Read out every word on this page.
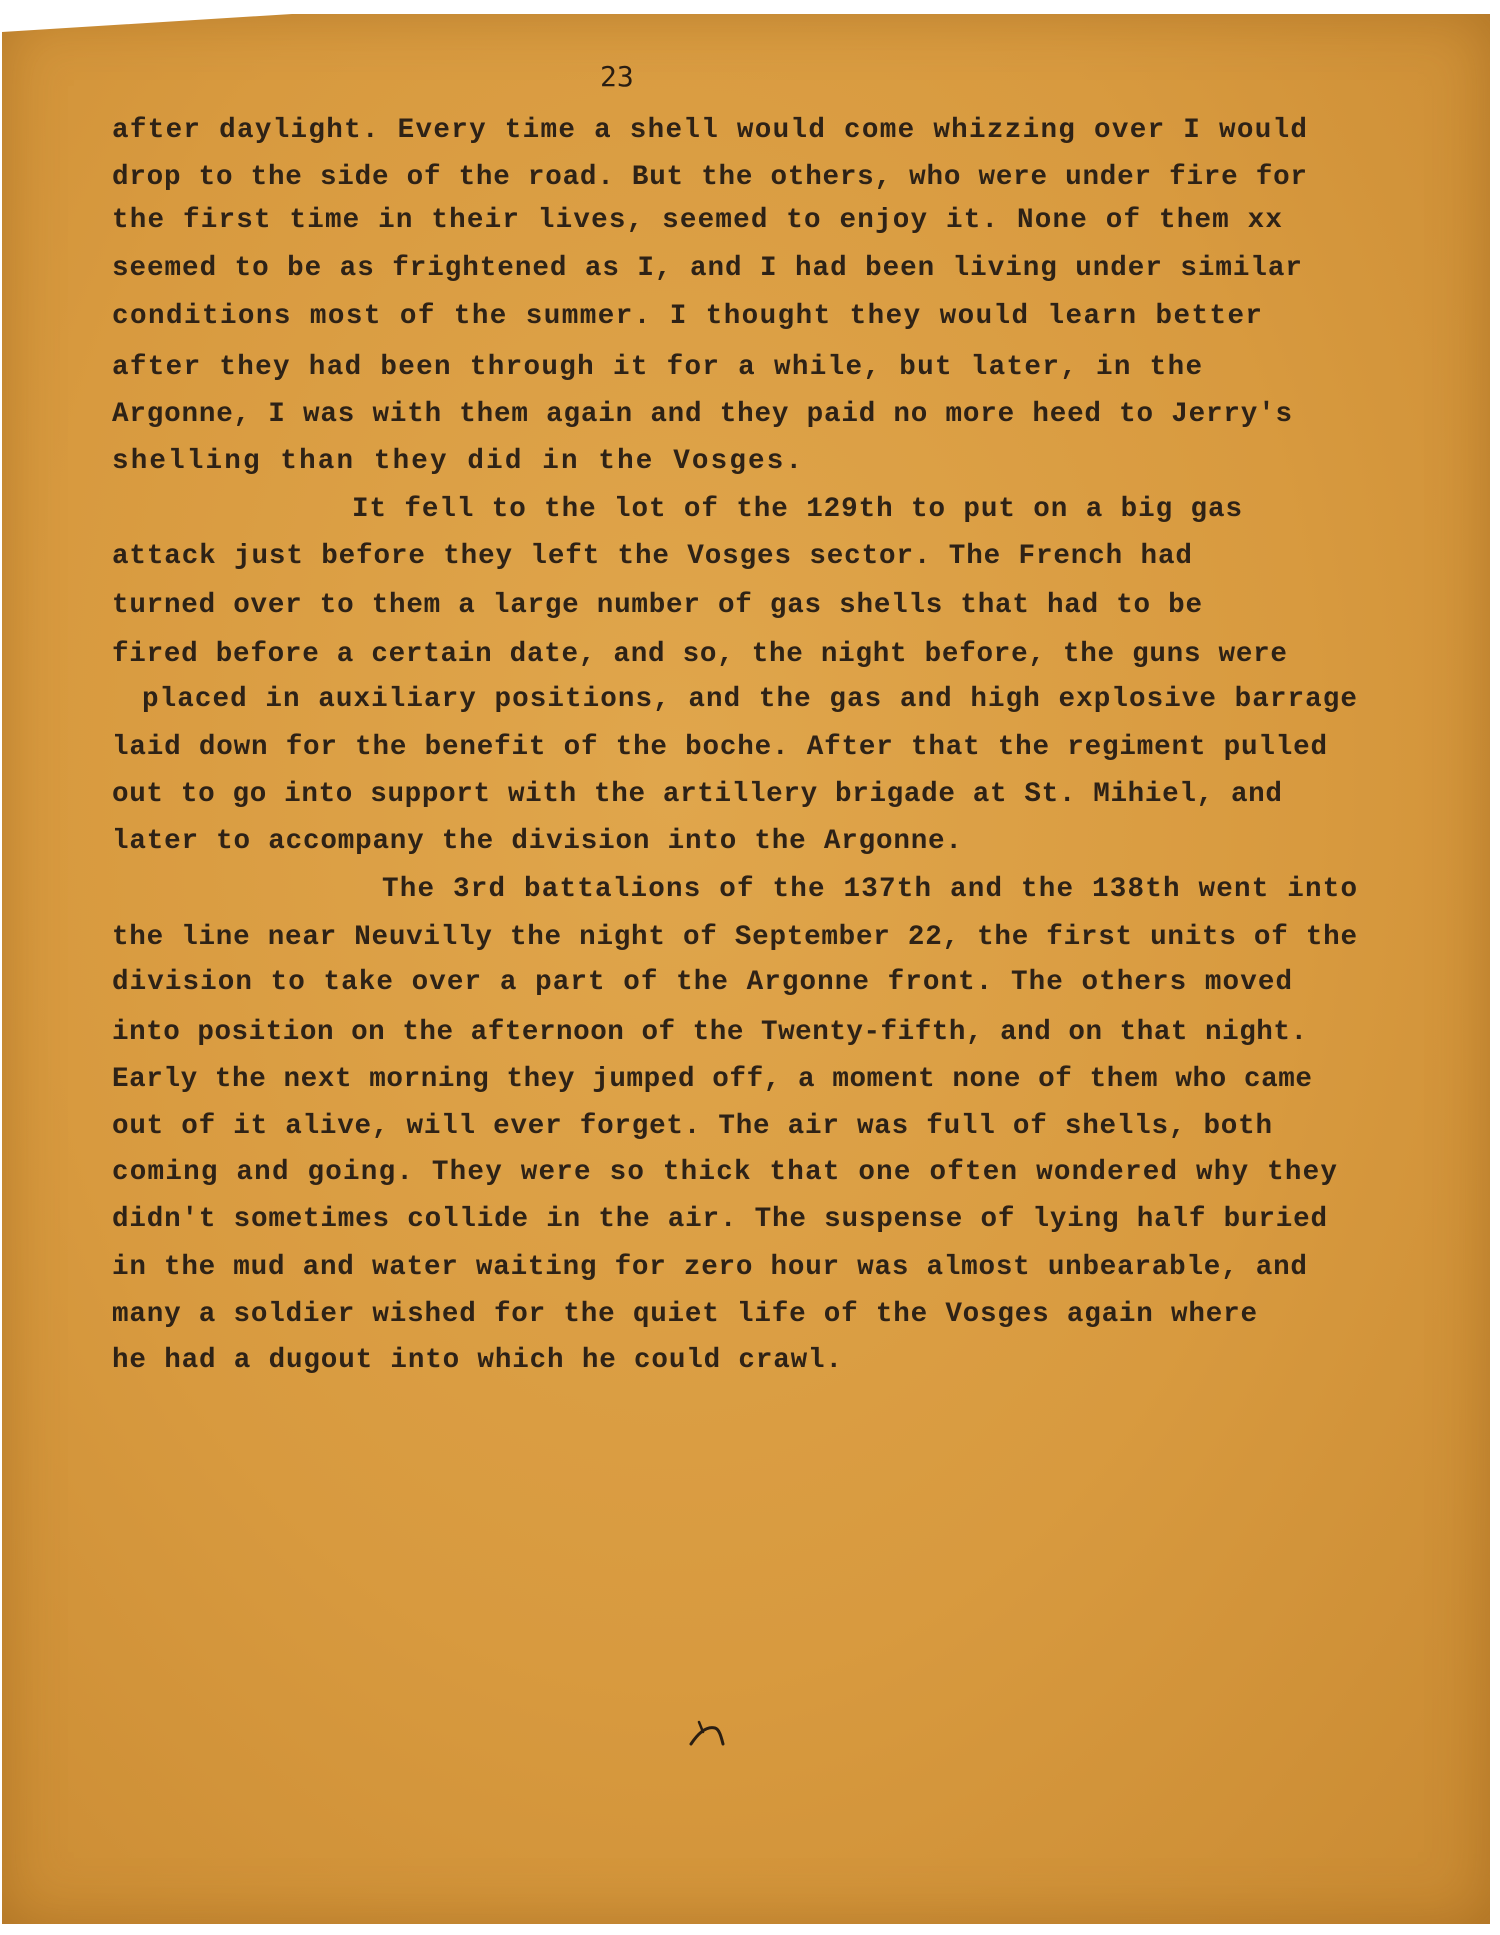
23
after daylight. Every time a shell would come whizzing over I would
drop to the side of the road. But the others, who were under fire for
the first time in their lives, seemed to enjoy it. None of them xx
seemed to be as frightened as I, and I had been living under similar
conditions most of the summer. I thought they would learn better
after they had been through it for a while, but later, in the
Argonne, I was with them again and they paid no more heed to Jerry's
shelling than they did in the Vosges.
It fell to the lot of the 129th to put on a big gas
attack just before they left the Vosges sector. The French had
turned over to them a large number of gas shells that had to be
fired before a certain date, and so, the night before, the guns were
placed in auxiliary positions, and the gas and high explosive barrage
laid down for the benefit of the boche. After that the regiment pulled
out to go into support with the artillery brigade at St. Mihiel, and
later to accompany the division into the Argonne.
The 3rd battalions of the 137th and the 138th went into
the line near Neuvilly the night of September 22, the first units of the
division to take over a part of the Argonne front. The others moved
into position on the afternoon of the Twenty-fifth, and on that night.
Early the next morning they jumped off, a moment none of them who came
out of it alive, will ever forget. The air was full of shells, both
coming and going. They were so thick that one often wondered why they
didn't sometimes collide in the air. The suspense of lying half buried
in the mud and water waiting for zero hour was almost unbearable, and
many a soldier wished for the quiet life of the Vosges again where
he had a dugout into which he could crawl.
